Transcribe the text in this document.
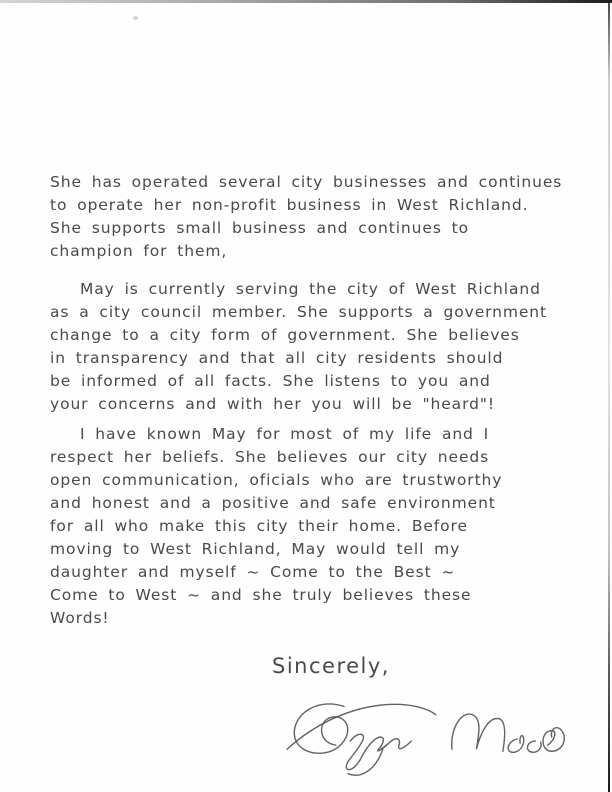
She has operated several city businesses and continues
to operate her non-profit business in West Richland.
She supports small business and continues to
champion for them,

May is currently serving the city of West Richland
as a city council member. She supports a government
change to a city form of government. She believes
in transparency and that all city residents should
be informed of all facts. She listens to you and
your concerns and with her you will be "heard"!

I have known May for most of my life and I
respect her beliefs. She believes our city needs
open communication, oficials who are trustworthy
and honest and a positive and safe environment
for all who make this city their home. Before
moving to West Richland, May would tell my
daughter and myself ~ Come to the Best ~
Come to West ~ and she truly believes these
Words!

Sincerely,
